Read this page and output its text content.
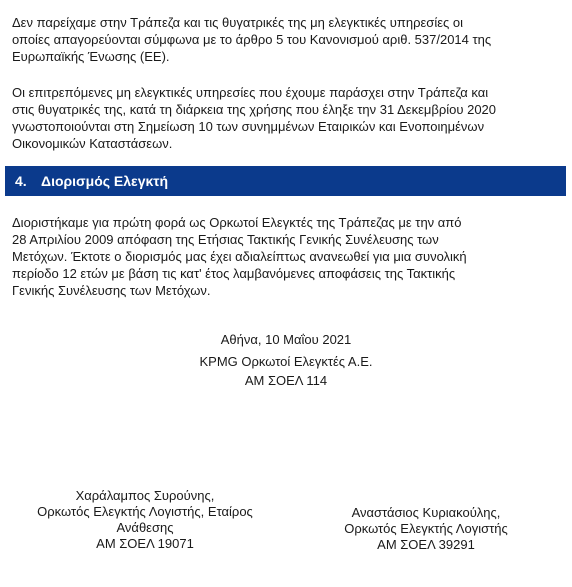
Δεν παρείχαμε στην Τράπεζα και τις θυγατρικές της μη ελεγκτικές υπηρεσίες οι
οποίες απαγορεύονται σύμφωνα με το άρθρο 5 του Κανονισμού αριθ. 537/2014 της
Ευρωπαϊκής Ένωσης (ΕΕ).

Οι επιτρεπόμενες μη ελεγκτικές υπηρεσίες που έχουμε παράσχει στην Τράπεζα και
στις θυγατρικές της, κατά τη διάρκεια της χρήσης που έληξε την 31 Δεκεμβρίου 2020
γνωστοποιούνται στη Σημείωση 10 των συνημμένων Εταιρικών και Ενοποιημένων
Οικονομικών Καταστάσεων.

4.	Διορισμός Ελεγκτή

Διοριστήκαμε για πρώτη φορά ως Ορκωτοί Ελεγκτές της Τράπεζας με την από
28 Απριλίου 2009 απόφαση της Ετήσιας Τακτικής Γενικής Συνέλευσης των
Μετόχων. Έκτοτε ο διορισμός μας έχει αδιαλείπτως ανανεωθεί για μια συνολική
περίοδο 12 ετών με βάση τις κατ' έτος λαμβανόμενες αποφάσεις της Τακτικής
Γενικής Συνέλευσης των Μετόχων.

Αθήνα, 10 Μαΐου 2021
KPMG Ορκωτοί Ελεγκτές Α.Ε.
ΑΜ ΣΟΕΛ 114
Χαράλαμπος Συρούνης,
Ορκωτός Ελεγκτής Λογιστής, Εταίρος
Ανάθεσης
ΑΜ ΣΟΕΛ 19071
Αναστάσιος Κυριακούλης,
Ορκωτός Ελεγκτής Λογιστής
ΑΜ ΣΟΕΛ 39291
